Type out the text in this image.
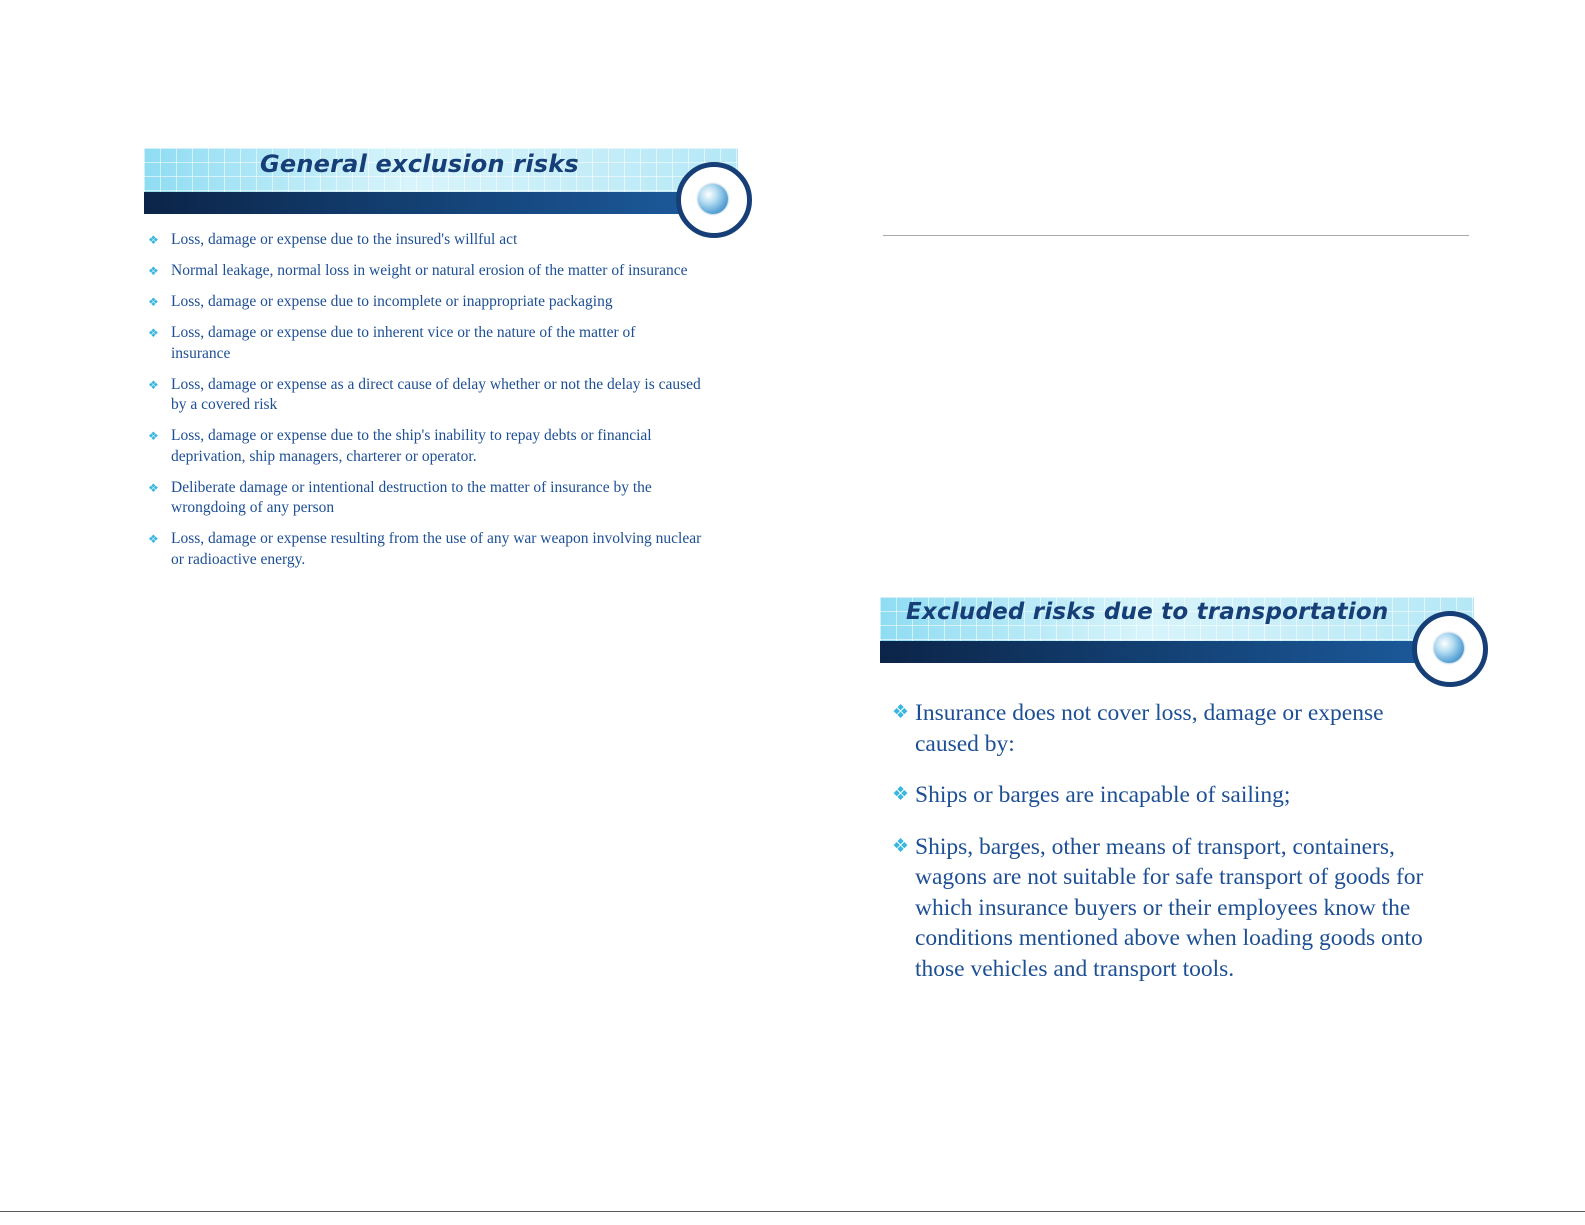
General exclusion risks
❖ Loss, damage or expense due to the insured's willful act
❖ Normal leakage, normal loss in weight or natural erosion of the matter of insurance
❖ Loss, damage or expense due to incomplete or inappropriate packaging
❖ Loss, damage or expense due to inherent vice or the nature of the matter of insurance
❖ Loss, damage or expense as a direct cause of delay whether or not the delay is caused by a covered risk
❖ Loss, damage or expense due to the ship's inability to repay debts or financial deprivation, ship managers, charterer or operator.
❖ Deliberate damage or intentional destruction to the matter of insurance by the wrongdoing of any person
❖ Loss, damage or expense resulting from the use of any war weapon involving nuclear or radioactive energy.
Excluded risks due to transportation
❖ Insurance does not cover loss, damage or expense caused by:
❖ Ships or barges are incapable of sailing;
❖ Ships, barges, other means of transport, containers, wagons are not suitable for safe transport of goods for which insurance buyers or their employees know the conditions mentioned above when loading goods onto those vehicles and transport tools.
